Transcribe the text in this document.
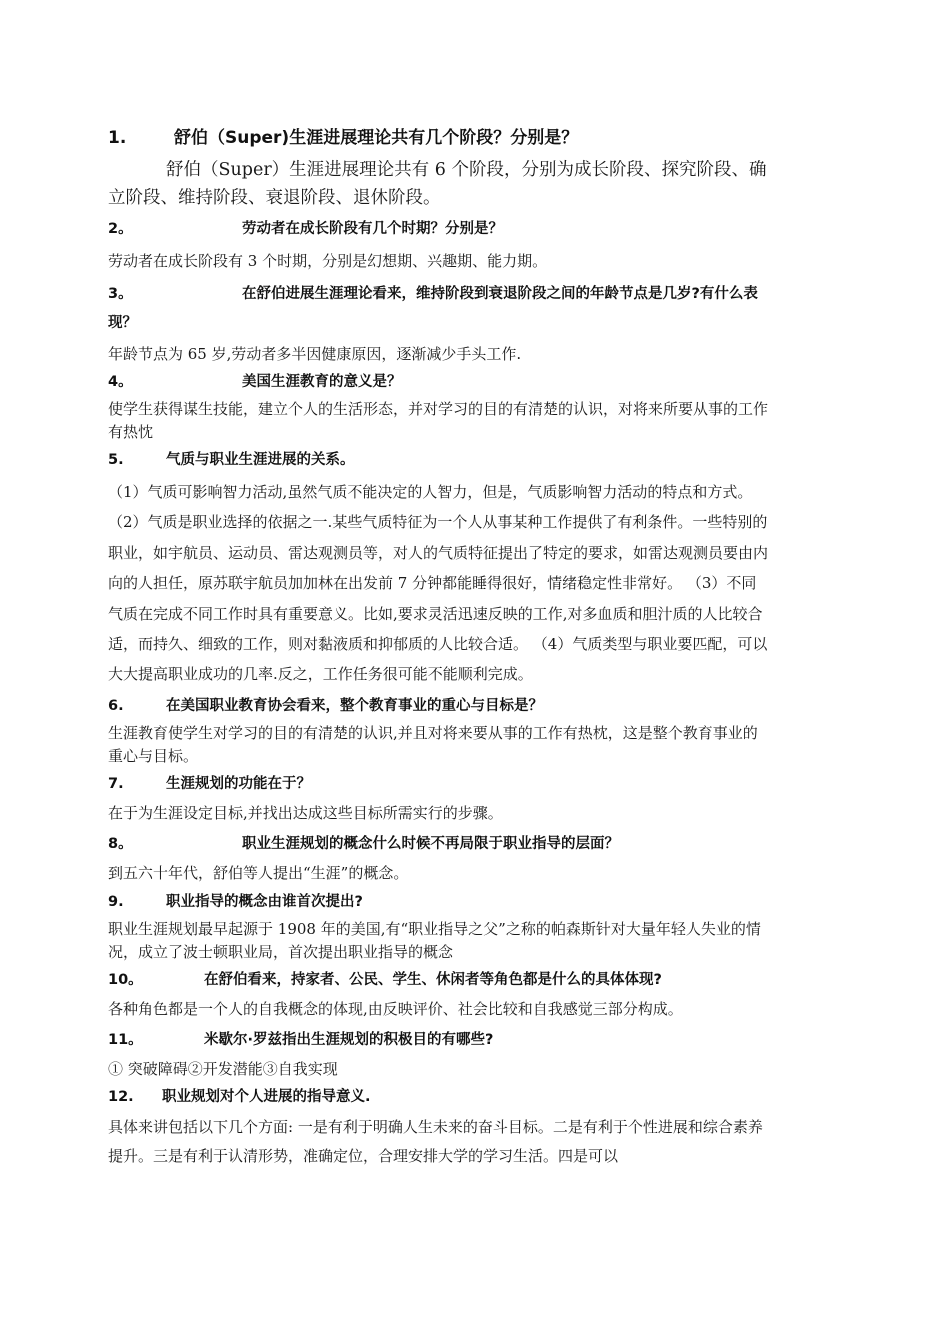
1.	舒伯（Super)生涯进展理论共有几个阶段？分别是？
舒伯（Super）生涯进展理论共有 6 个阶段，分别为成长阶段、探究阶段、确立阶段、维持阶段、衰退阶段、退休阶段。
2。	劳动者在成长阶段有几个时期？分别是？
劳动者在成长阶段有 3 个时期，分别是幻想期、兴趣期、能力期。
3。	在舒伯进展生涯理论看来，维持阶段到衰退阶段之间的年龄节点是几岁?有什么表现？
年龄节点为 65 岁,劳动者多半因健康原因，逐渐减少手头工作.
4。	美国生涯教育的意义是？
使学生获得谋生技能，建立个人的生活形态，并对学习的目的有清楚的认识，对将来所要从事的工作有热忱
5.	气质与职业生涯进展的关系。
（1）气质可影响智力活动,虽然气质不能决定的人智力，但是，气质影响智力活动的特点和方式。 （2）气质是职业选择的依据之一.某些气质特征为一个人从事某种工作提供了有利条件。一些特别的职业，如宇航员、运动员、雷达观测员等，对人的气质特征提出了特定的要求，如雷达观测员要由内向的人担任，原苏联宇航员加加林在出发前 7 分钟都能睡得很好，情绪稳定性非常好。 （3）不同气质在完成不同工作时具有重要意义。比如,要求灵活迅速反映的工作,对多血质和胆汁质的人比较合适，而持久、细致的工作，则对黏液质和抑郁质的人比较合适。 （4）气质类型与职业要匹配，可以大大提高职业成功的几率.反之，工作任务很可能不能顺利完成。
6.	在美国职业教育协会看来，整个教育事业的重心与目标是？
生涯教育使学生对学习的目的有清楚的认识,并且对将来要从事的工作有热枕，这是整个教育事业的重心与目标。
7.	生涯规划的功能在于？
在于为生涯设定目标,并找出达成这些目标所需实行的步骤。
8。	职业生涯规划的概念什么时候不再局限于职业指导的层面？
到五六十年代，舒伯等人提出“生涯”的概念。
9.	职业指导的概念由谁首次提出?
职业生涯规划最早起源于 1908 年的美国,有“职业指导之父”之称的帕森斯针对大量年轻人失业的情况，成立了波士顿职业局，首次提出职业指导的概念
10。	在舒伯看来，持家者、公民、学生、休闲者等角色都是什么的具体体现?
各种角色都是一个人的自我概念的体现,由反映评价、社会比较和自我感觉三部分构成。
11。	米歇尔·罗兹指出生涯规划的积极目的有哪些?
① 突破障碍②开发潜能③自我实现
12.	职业规划对个人进展的指导意义.
具体来讲包括以下几个方面: 一是有利于明确人生未来的奋斗目标。二是有利于个性进展和综合素养提升。三是有利于认清形势，准确定位，合理安排大学的学习生活。四是可以
